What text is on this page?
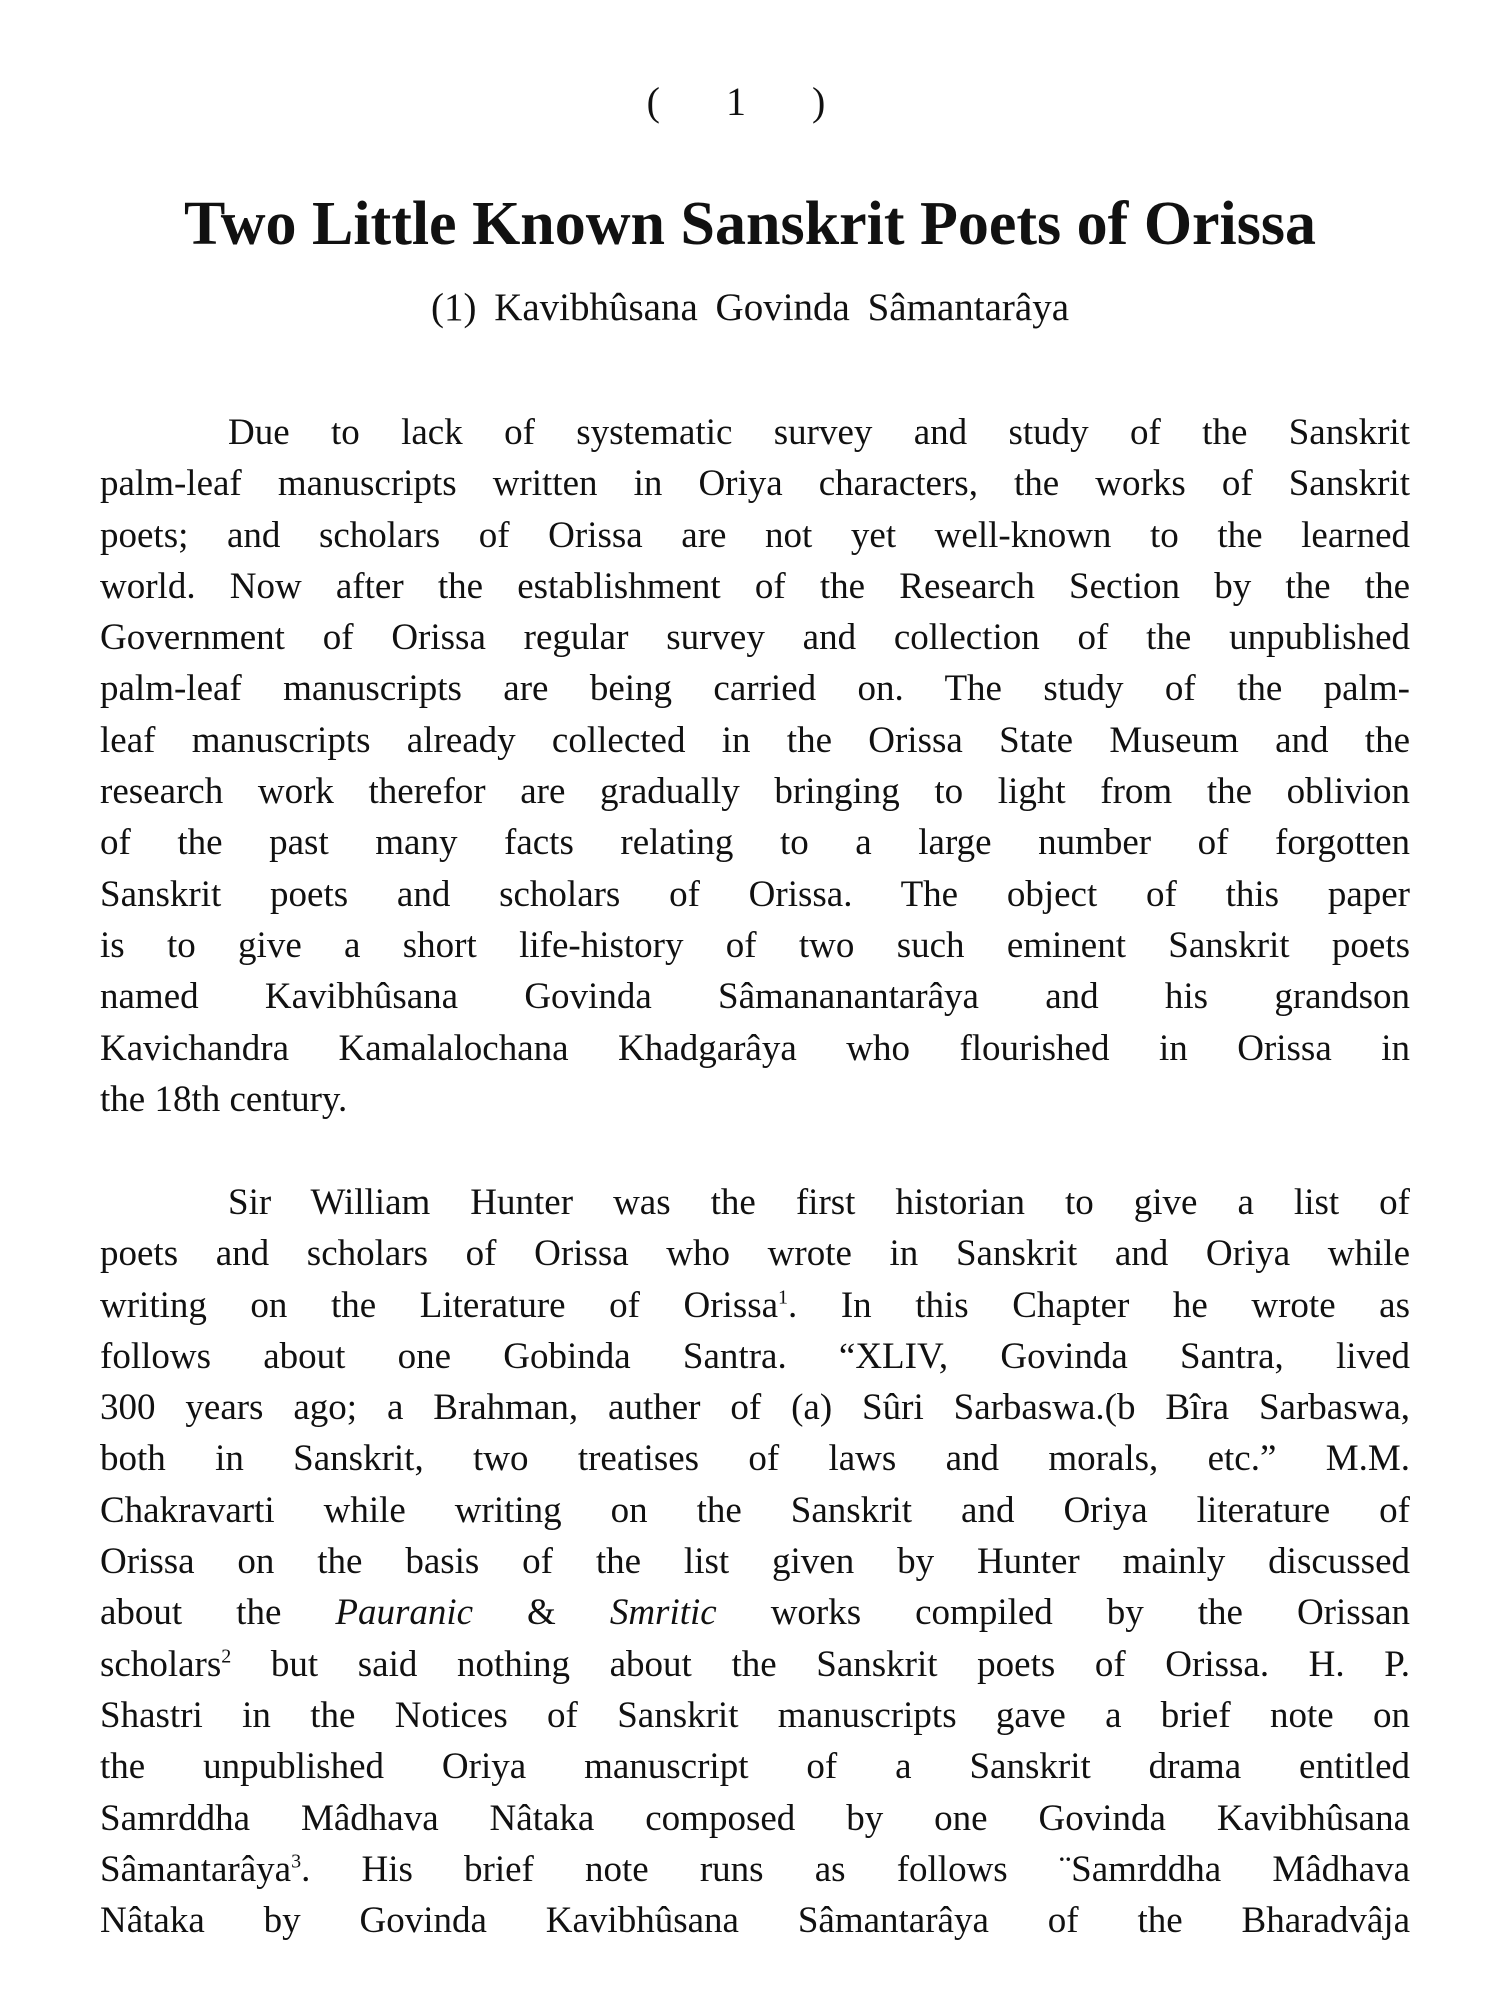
( 1 )
Two Little Known Sanskrit Poets of Orissa
(1) Kavibhûsana Govinda Sâmantarâya
Due to lack of systematic survey and study of the Sanskrit
palm-leaf manuscripts written in Oriya characters, the works of Sanskrit
poets; and scholars of Orissa are not yet well-known to the learned
world. Now after the establishment of the Research Section by the the
Government of Orissa regular survey and collection of the unpublished
palm-leaf manuscripts are being carried on. The study of the palm-
leaf manuscripts already collected in the Orissa State Museum and the
research work therefor are gradually bringing to light from the oblivion
of the past many facts relating to a large number of forgotten
Sanskrit poets and scholars of Orissa. The object of this paper
is to give a short life-history of two such eminent Sanskrit poets
named Kavibhûsana Govinda Sâmananantarâya and his grandson
Kavichandra Kamalalochana Khadgarâya who flourished in Orissa in
the 18th century.
Sir William Hunter was the first historian to give a list of
poets and scholars of Orissa who wrote in Sanskrit and Oriya while
writing on the Literature of Orissa$^1$. In this Chapter he wrote as
follows about one Gobinda Santra. “XLIV, Govinda Santra, lived
300 years ago; a Brahman, auther of (a) Sûri Sarbaswa.(b Bîra Sarbaswa,
both in Sanskrit, two treatises of laws and morals, etc.” M.M.
Chakravarti while writing on the Sanskrit and Oriya literature of
Orissa on the basis of the list given by Hunter mainly discussed
about the Pauranic & Smritic works compiled by the Orissan
scholars$^2$ but said nothing about the Sanskrit poets of Orissa. H. P.
Shastri in the Notices of Sanskrit manuscripts gave a brief note on
the unpublished Oriya manuscript of a Sanskrit drama entitled
Samrddha Mâdhava Nâtaka composed by one Govinda Kavibhûsana
Sâmantarâya$^3$. His brief note runs as follows ¨Samrddha Mâdhava
Nâtaka by Govinda Kavibhûsana Sâmantarâya of the Bharadvâja
